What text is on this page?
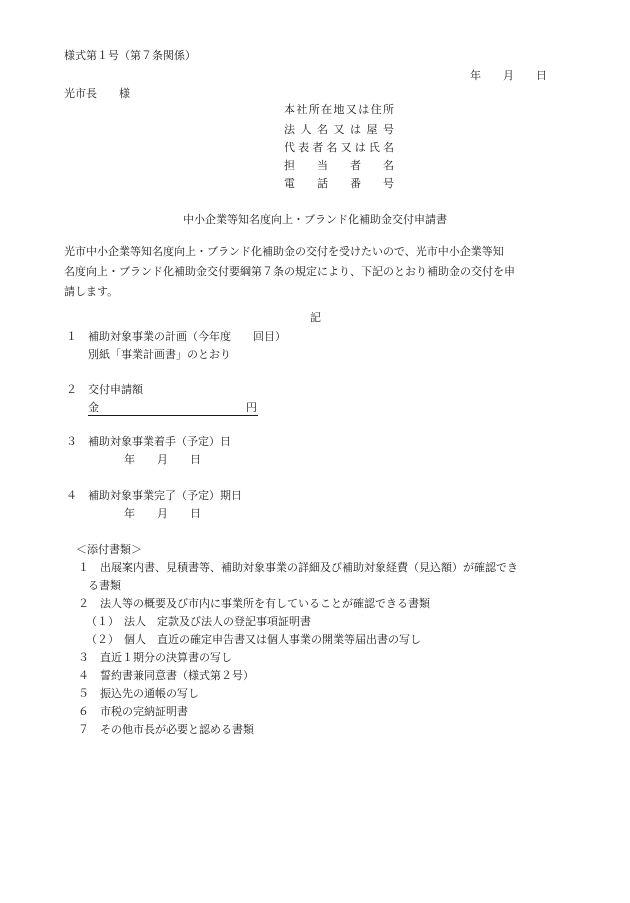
様式第１号（第７条関係）
年　　月　　日
光市長　　様
本 社 所 在 地 又 は 住 所
法 人 名 又 は 屋 号
代 表 者 名 又 は 氏 名
担 当 者 名
電 話 番 号
中小企業等知名度向上・ブランド化補助金交付申請書
光市中小企業等知名度向上・ブランド化補助金の交付を受けたいので、光市中小企業等知
名度向上・ブランド化補助金交付要綱第７条の規定により、下記のとおり補助金の交付を申
請します。
記
１ 補助対象事業の計画（今年度　　回目）
別紙「事業計画書」のとおり
２ 交付申請額
金	円
３ 補助対象事業着手（予定）日
年　　月　　日
４ 補助対象事業完了（予定）期日
年　　月　　日
＜添付書類＞
１ 出展案内書、見積書等、補助対象事業の詳細及び補助対象経費（見込額）が確認でき
る書類
２ 法人等の概要及び市内に事業所を有していることが確認できる書類
（１） 法人　定款及び法人の登記事項証明書
（２） 個人　直近の確定申告書又は個人事業の開業等届出書の写し
３ 直近１期分の決算書の写し
４ 誓約書兼同意書（様式第２号）
５ 振込先の通帳の写し
６ 市税の完納証明書
７ その他市長が必要と認める書類
